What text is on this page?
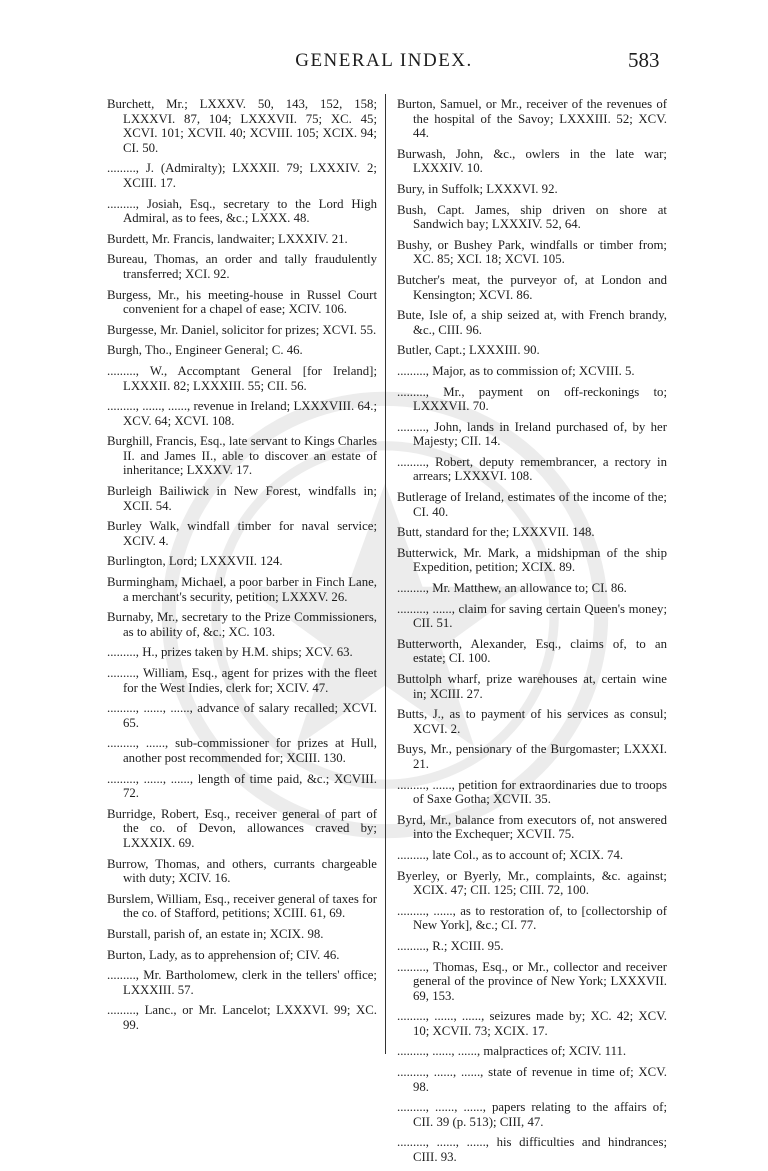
GENERAL INDEX.	583
Burchett, Mr.; LXXXV. 50, 143, 152, 158; LXXXVI. 87, 104; LXXXVII. 75; XC. 45; XCVI. 101; XCVII. 40; XCVIII. 105; XCIX. 94; CI. 50.
........., J. (Admiralty); LXXXII. 79; LXXXIV. 2; XCIII. 17.
........., Josiah, Esq., secretary to the Lord High Admiral, as to fees, &c.; LXXX. 48.
Burdett, Mr. Francis, landwaiter; LXXXIV. 21.
Bureau, Thomas, an order and tally fraudulently transferred; XCI. 92.
Burgess, Mr., his meeting-house in Russel Court convenient for a chapel of ease; XCIV. 106.
Burgesse, Mr. Daniel, solicitor for prizes; XCVI. 55.
Burgh, Tho., Engineer General; C. 46.
........., W., Accomptant General [for Ireland]; LXXXII. 82; LXXXIII. 55; CII. 56.
........., ......, ......, revenue in Ireland; LXXXVIII. 64.; XCV. 64; XCVI. 108.
Burghill, Francis, Esq., late servant to Kings Charles II. and James II., able to discover an estate of inheritance; LXXXV. 17.
Burleigh Bailiwick in New Forest, windfalls in; XCII. 54.
Burley Walk, windfall timber for naval service; XCIV. 4.
Burlington, Lord; LXXXVII. 124.
Burmingham, Michael, a poor barber in Finch Lane, a merchant's security, petition; LXXXV. 26.
Burnaby, Mr., secretary to the Prize Commissioners, as to ability of, &c.; XC. 103.
........., H., prizes taken by H.M. ships; XCV. 63.
........., William, Esq., agent for prizes with the fleet for the West Indies, clerk for; XCIV. 47.
........., ......, ......, advance of salary recalled; XCVI. 65.
........., ......, sub-commissioner for prizes at Hull, another post recommended for; XCIII. 130.
........., ......, ......, length of time paid, &c.; XCVIII. 72.
Burridge, Robert, Esq., receiver general of part of the co. of Devon, allowances craved by; LXXXIX. 69.
Burrow, Thomas, and others, currants chargeable with duty; XCIV. 16.
Burslem, William, Esq., receiver general of taxes for the co. of Stafford, petitions; XCIII. 61, 69.
Burstall, parish of, an estate in; XCIX. 98.
Burton, Lady, as to apprehension of; CIV. 46.
........., Mr. Bartholomew, clerk in the tellers' office; LXXXIII. 57.
........., Lanc., or Mr. Lancelot; LXXXVI. 99; XC. 99.
Burton, Samuel, or Mr., receiver of the revenues of the hospital of the Savoy; LXXXIII. 52; XCV. 44.
Burwash, John, &c., owlers in the late war; LXXXIV. 10.
Bury, in Suffolk; LXXXVI. 92.
Bush, Capt. James, ship driven on shore at Sandwich bay; LXXXIV. 52, 64.
Bushy, or Bushey Park, windfalls or timber from; XC. 85; XCI. 18; XCVI. 105.
Butcher's meat, the purveyor of, at London and Kensington; XCVI. 86.
Bute, Isle of, a ship seized at, with French brandy, &c., CIII. 96.
Butler, Capt.; LXXXIII. 90.
........., Major, as to commission of; XCVIII. 5.
........., Mr., payment on off-reckonings to; LXXXVII. 70.
........., John, lands in Ireland purchased of, by her Majesty; CII. 14.
........., Robert, deputy remembrancer, a rectory in arrears; LXXXVI. 108.
Butlerage of Ireland, estimates of the income of the; CI. 40.
Butt, standard for the; LXXXVII. 148.
Butterwick, Mr. Mark, a midshipman of the ship Expedition, petition; XCIX. 89.
........., Mr. Matthew, an allowance to; CI. 86.
........., ......, claim for saving certain Queen's money; CII. 51.
Butterworth, Alexander, Esq., claims of, to an estate; CI. 100.
Buttolph wharf, prize warehouses at, certain wine in; XCIII. 27.
Butts, J., as to payment of his services as consul; XCVI. 2.
Buys, Mr., pensionary of the Burgomaster; LXXXI. 21.
........., ......, petition for extraordinaries due to troops of Saxe Gotha; XCVII. 35.
Byrd, Mr., balance from executors of, not answered into the Exchequer; XCVII. 75.
........., late Col., as to account of; XCIX. 74.
Byerley, or Byerly, Mr., complaints, &c. against; XCIX. 47; CII. 125; CIII. 72, 100.
........., ......, as to restoration of, to [collectorship of New York], &c.; CI. 77.
........., R.; XCIII. 95.
........., Thomas, Esq., or Mr., collector and receiver general of the province of New York; LXXXVII. 69, 153.
........., ......, ......, seizures made by; XC. 42; XCV. 10; XCVII. 73; XCIX. 17.
........., ......, ......, malpractices of; XCIV. 111.
........., ......, ......, state of revenue in time of; XCV. 98.
........., ......, ......, papers relating to the affairs of; CII. 39 (p. 513); CIII, 47.
........., ......, ......, his difficulties and hindrances; CIII. 93.
